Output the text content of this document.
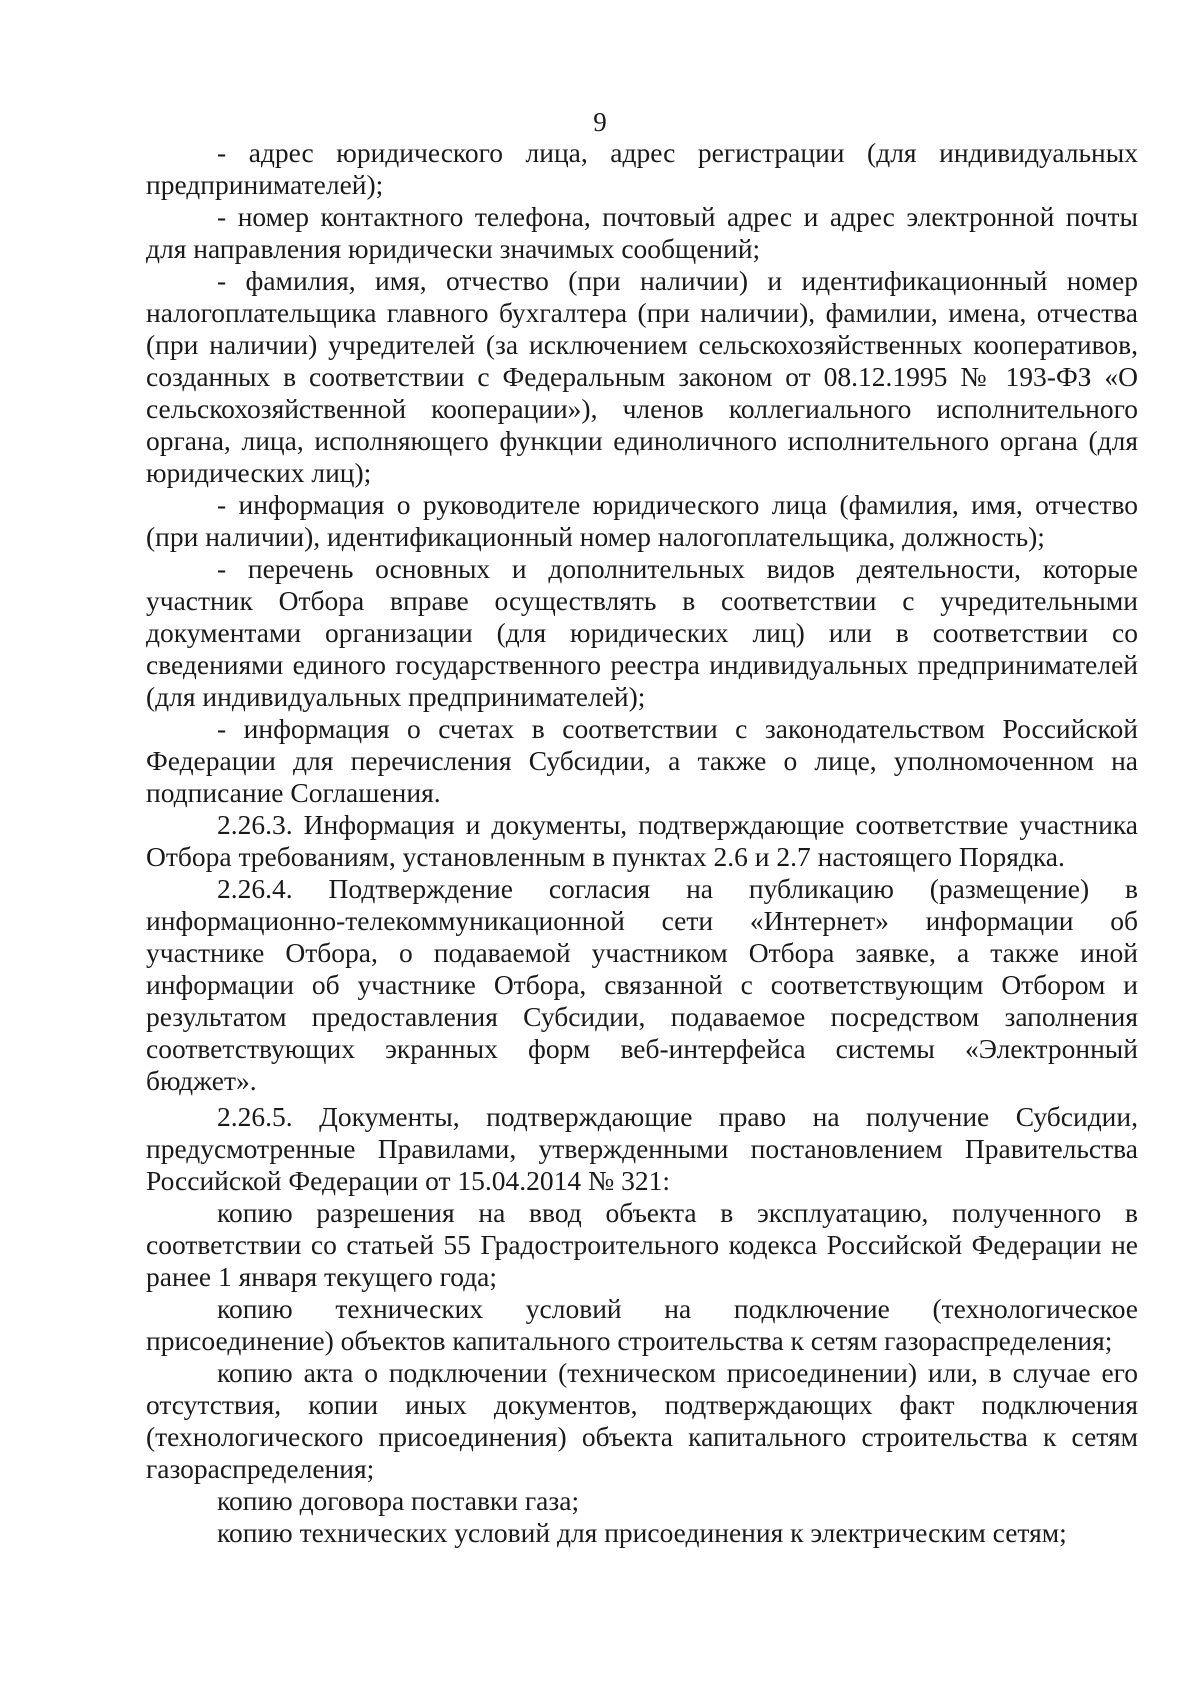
9

- адрес юридического лица, адрес регистрации (для индивидуальных предпринимателей);

- номер контактного телефона, почтовый адрес и адрес электронной почты для направления юридически значимых сообщений;

- фамилия, имя, отчество (при наличии) и идентификационный номер налогоплательщика главного бухгалтера (при наличии), фамилии, имена, отчества (при наличии) учредителей (за исключением сельскохозяйственных кооперативов, созданных в соответствии с Федеральным законом от 08.12.1995 № 193-ФЗ «О сельскохозяйственной кооперации»), членов коллегиального исполнительного органа, лица, исполняющего функции единоличного исполнительного органа (для юридических лиц);

- информация о руководителе юридического лица (фамилия, имя, отчество (при наличии), идентификационный номер налогоплательщика, должность);

- перечень основных и дополнительных видов деятельности, которые участник Отбора вправе осуществлять в соответствии с учредительными документами организации (для юридических лиц) или в соответствии со сведениями единого государственного реестра индивидуальных предпринимателей (для индивидуальных предпринимателей);

- информация о счетах в соответствии с законодательством Российской Федерации для перечисления Субсидии, а также о лице, уполномоченном на подписание Соглашения.

2.26.3. Информация и документы, подтверждающие соответствие участника Отбора требованиям, установленным в пунктах 2.6 и 2.7 настоящего Порядка.

2.26.4. Подтверждение согласия на публикацию (размещение) в информационно-телекоммуникационной сети «Интернет» информации об участнике Отбора, о подаваемой участником Отбора заявке, а также иной информации об участнике Отбора, связанной с соответствующим Отбором и результатом предоставления Субсидии, подаваемое посредством заполнения соответствующих экранных форм веб-интерфейса системы «Электронный бюджет».

2.26.5. Документы, подтверждающие право на получение Субсидии, предусмотренные Правилами, утвержденными постановлением Правительства Российской Федерации от 15.04.2014 № 321:

копию разрешения на ввод объекта в эксплуатацию, полученного в соответствии со статьей 55 Градостроительного кодекса Российской Федерации не ранее 1 января текущего года;

копию технических условий на подключение (технологическое присоединение) объектов капитального строительства к сетям газораспределения;

копию акта о подключении (техническом присоединении) или, в случае его отсутствия, копии иных документов, подтверждающих факт подключения (технологического присоединения) объекта капитального строительства к сетям газораспределения;

копию договора поставки газа;

копию технических условий для присоединения к электрическим сетям;
